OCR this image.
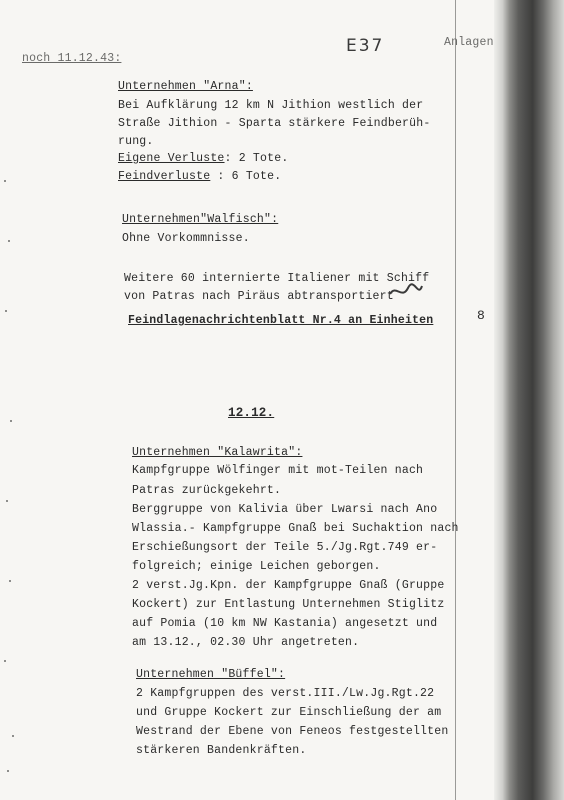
noch 11.12.43:
E37	Anlagen
Unternehmen "Arna":
Bei Aufklärung 12 km N Jithion westlich der
Straße Jithion - Sparta stärkere Feindberüh-
rung.
Eigene Verluste: 2 Tote.
Feindverluste : 6 Tote.
Unternehmen"Walfisch":
Ohne Vorkommnisse.
Weitere 60 internierte Italiener mit Schiff
von Patras nach Piräus abtransportiert
Feindlagenachrichtenblatt Nr.4 an Einheiten	8
12.12.
Unternehmen "Kalawrita":
Kampfgruppe Wölfinger mit mot-Teilen nach
Patras zurückgekehrt.
Berggruppe von Kalivia über Lwarsi nach Ano
Wlassia.- Kampfgruppe Gnaß bei Suchaktion nach
Erschießungsort der Teile 5./Jg.Rgt.749 er-
folgreich; einige Leichen geborgen.
2 verst.Jg.Kpn. der Kampfgruppe Gnaß (Gruppe
Kockert) zur Entlastung Unternehmen Stiglitz
auf Pomia (10 km NW Kastania) angesetzt und
am 13.12., 02.30 Uhr angetreten.
Unternehmen "Büffel":
2 Kampfgruppen des verst.III./Lw.Jg.Rgt.22
und Gruppe Kockert zur Einschließung der am
Westrand der Ebene von Feneos festgestellten
stärkeren Bandenkräften.
